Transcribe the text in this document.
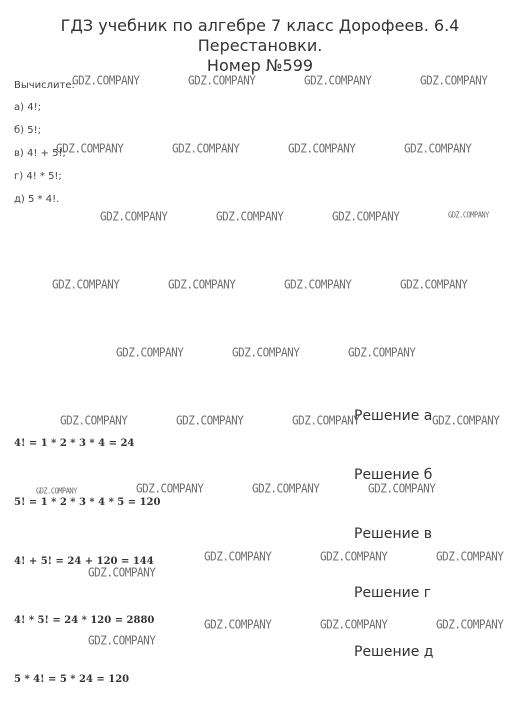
ГДЗ учебник по алгебре 7 класс Дорофеев. 6.4 Перестановки.
Номер №599
Вычислите:
а) 4!;
б) 5!;
в) 4! + 5!;
г) 4! * 5!;
д) 5 * 4!.
Решение а
4! = 1 * 2 * 3 * 4 = 24
Решение б
5! = 1 * 2 * 3 * 4 * 5 = 120
Решение в
4! + 5! = 24 + 120 = 144
Решение г
4! * 5! = 24 * 120 = 2880
Решение д
5 * 4! = 5 * 24 = 120
GDZ.COMPANY	GDZ.COMPANY	GDZ.COMPANY	GDZ.COMPANY
GDZ.COMPANY	GDZ.COMPANY	GDZ.COMPANY	GDZ.COMPANY
GDZ.COMPANY	GDZ.COMPANY	GDZ.COMPANY	GDZ.COMPANY
GDZ.COMPANY	GDZ.COMPANY	GDZ.COMPANY	GDZ.COMPANY
GDZ.COMPANY	GDZ.COMPANY	GDZ.COMPANY
GDZ.COMPANY	GDZ.COMPANY	GDZ.COMPANY	GDZ.COMPANY
GDZ.COMPANY	GDZ.COMPANY	GDZ.COMPANY	GDZ.COMPANY
GDZ.COMPANY	GDZ.COMPANY	GDZ.COMPANY
GDZ.COMPANY
GDZ.COMPANY	GDZ.COMPANY	GDZ.COMPANY
GDZ.COMPANY
